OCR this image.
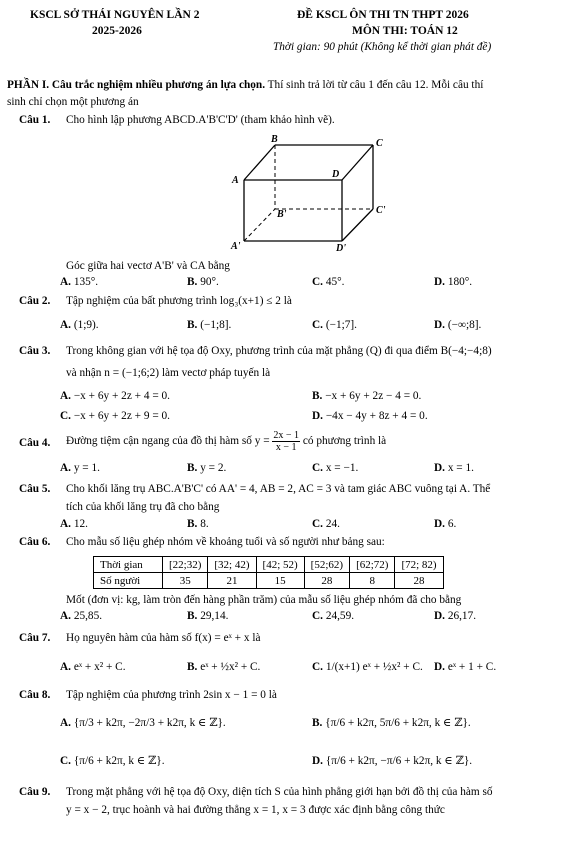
KSCL SỞ THÁI NGUYÊN LẦN 2
2025-2026
ĐỀ KSCL ÔN THI TN THPT 2026
MÔN THI: TOÁN 12
Thời gian: 90 phút (Không kể thời gian phát đề)
PHẦN I. Câu trắc nghiệm nhiều phương án lựa chọn. Thí sinh trả lời từ câu 1 đến câu 12. Mỗi câu thí
sinh chỉ chọn một phương án
Câu 1. Cho hình lập phương ABCD.A'B'C'D' (tham khảo hình vẽ).
B	C
A
D
B'	C'
A'	D'
Góc giữa hai vectơ A'B' và CA bằng
A. 135°.	B. 90°.	C. 45°.	D. 180°.
Câu 2. Tập nghiệm của bất phương trình log₃(x+1) ≤ 2 là
A. (1;9).	B. (−1;8].	C. (−1;7].	D. (−∞;8].
Câu 3. Trong không gian với hệ tọa độ Oxy, phương trình của mặt phẳng (Q) đi qua điểm B(−4;−4;8)
và nhận n = (−1;6;2) làm vectơ pháp tuyến là
A. −x + 6y + 2z + 4 = 0.	B. −x + 6y + 2z − 4 = 0.
C. −x + 6y + 2z + 9 = 0.	D. −4x − 4y + 8z + 4 = 0.
Câu 4. Đường tiệm cận ngang của đồ thị hàm số $y = \frac{2x - 1}{x - 1}$ có phương trình là
A. y = 1.	B. y = 2.	C. x = −1.	D. x = 1.
Câu 5. Cho khối lăng trụ ABC.A'B'C' có AA' = 4, AB = 2, AC = 3 và tam giác ABC vuông tại A. Thể
tích của khối lăng trụ đã cho bằng
A. 12.	B. 8.	C. 24.	D. 6.
Câu 6. Cho mẫu số liệu ghép nhóm về khoảng tuổi và số người như bảng sau:
Thời gian	[22;32)	[32; 42)	[42; 52)	[52;62)	[62;72)	[72; 82)
Số người	35	21	15	28	8	28
Mốt (đơn vị: kg, làm tròn đến hàng phần trăm) của mẫu số liệu ghép nhóm đã cho bằng
A. 25,85.	B. 29,14.	C. 24,59.	D. 26,17.
Câu 7. Họ nguyên hàm của hàm số f(x) = eˣ + x là
A. eˣ + x² + C.	B. eˣ + ½x² + C.	C. 1/(x+1) eˣ + ½x² + C. D. eˣ + 1 + C.
Câu 8. Tập nghiệm của phương trình 2sin x − 1 = 0 là
A. {π/3 + k2π, −2π/3 + k2π, k ∈ ℤ}.	B. {π/6 + k2π, 5π/6 + k2π, k ∈ ℤ}.
C. {π/6 + k2π, k ∈ ℤ}.	D. {π/6 + k2π, −π/6 + k2π, k ∈ ℤ}.
Câu 9. Trong mặt phẳng với hệ tọa độ Oxy, diện tích S của hình phẳng giới hạn bởi đồ thị của hàm số
y = x − 2, trục hoành và hai đường thẳng x = 1, x = 3 được xác định bằng công thức
